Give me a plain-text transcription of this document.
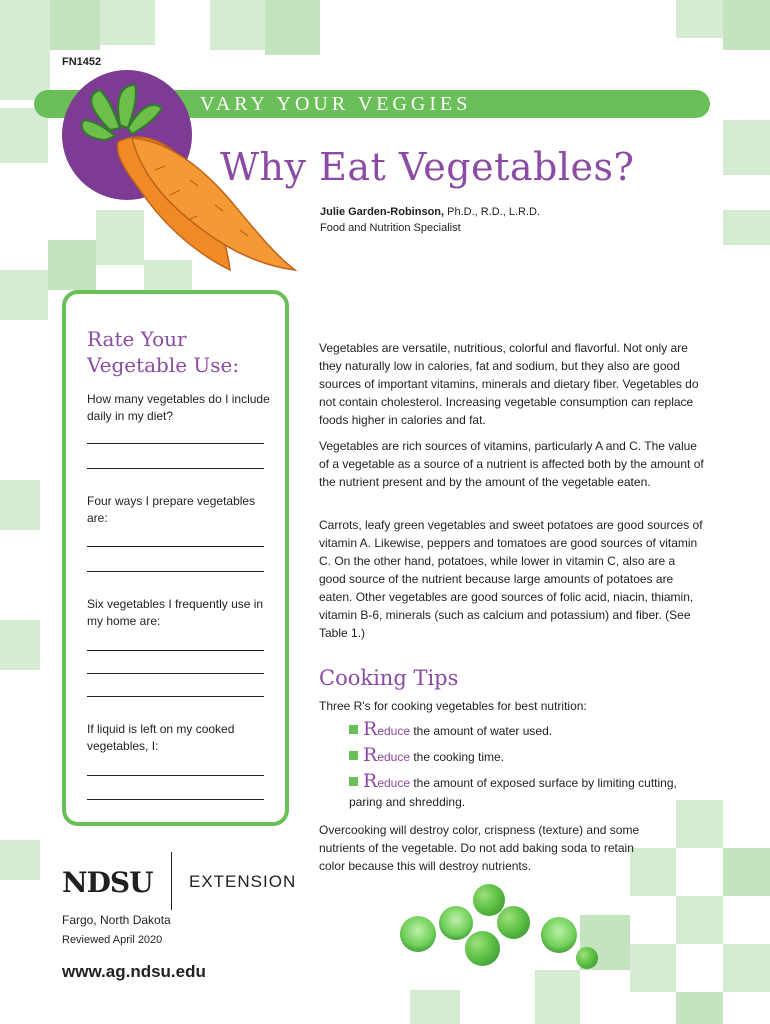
FN1452
VARY YOUR VEGGIES
Why Eat Vegetables?
Julie Garden-Robinson, Ph.D., R.D., L.R.D.
Food and Nutrition Specialist
Rate Your
Vegetable Use:
How many vegetables do I include daily in my diet?
Four ways I prepare vegetables are:
Six vegetables I frequently use in my home are:
If liquid is left on my cooked vegetables, I:
Vegetables are versatile, nutritious, colorful and flavorful. Not only are they naturally low in calories, fat and sodium, but they also are good sources of important vitamins, minerals and dietary fiber. Vegetables do not contain cholesterol. Increasing vegetable consumption can replace foods higher in calories and fat.
Vegetables are rich sources of vitamins, particularly A and C. The value of a vegetable as a source of a nutrient is affected both by the amount of the nutrient present and by the amount of the vegetable eaten.
Carrots, leafy green vegetables and sweet potatoes are good sources of vitamin A. Likewise, peppers and tomatoes are good sources of vitamin C. On the other hand, potatoes, while lower in vitamin C, also are a good source of the nutrient because large amounts of potatoes are eaten. Other vegetables are good sources of folic acid, niacin, thiamin, vitamin B-6, minerals (such as calcium and potassium) and fiber. (See Table 1.)
Cooking Tips
Three R's for cooking vegetables for best nutrition:
Reduce the amount of water used.
Reduce the cooking time.
Reduce the amount of exposed surface by limiting cutting, paring and shredding.
Overcooking will destroy color, crispness (texture) and some nutrients of the vegetable. Do not add baking soda to retain color because this will destroy nutrients.
NDSU EXTENSION
Fargo, North Dakota
Reviewed April 2020
www.ag.ndsu.edu
